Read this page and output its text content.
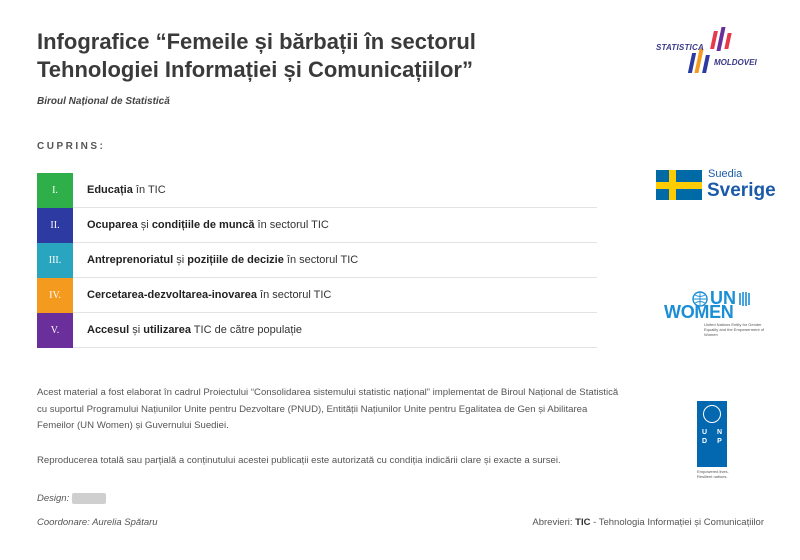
Infografice “Femeile și bărbații în sectorul
Tehnologiei Informației și Comunicațiilor”
Biroul Național de Statistică
CUPRINS:
I.	Educația în TIC
II.	Ocuparea și condițiile de muncă în sectorul TIC
III.	Antreprenoriatul și pozițiile de decizie în sectorul TIC
IV.	Cercetarea-dezvoltarea-inovarea în sectorul TIC
V.	Accesul și utilizarea TIC de către populație

Acest material a fost elaborat în cadrul Proiectului “Consolidarea sistemului statistic național” implementat de Biroul Național de Statistică cu suportul Programului Națiunilor Unite pentru Dezvoltare (PNUD), Entității Națiunilor Unite pentru Egalitatea de Gen și Abilitarea Femeilor (UN Women) și Guvernului Suediei.

Reproducerea totală sau parțială a conținutului acestei publicații este autorizată cu condiția indicării clare și exacte a sursei.

Design:
Coordonare: Aurelia Spătaru	Abrevieri: TIC - Tehnologia Informației și Comunicațiilor
STATISTICA
MOLDOVEI
Suedia
Sverige
UN
WOMEN
United Nations Entity for Gender Equality and the Empowerment of Women
U	N
D	P
Empowered lives. Resilient nations.
